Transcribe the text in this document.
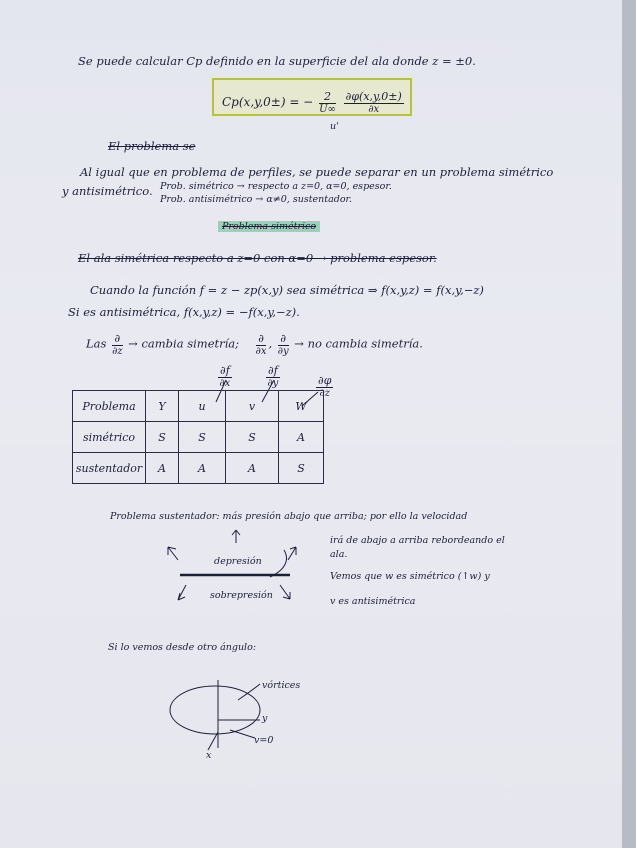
Se puede calcular Cp definido en la superficie del ala donde z = ±0.
Cp(x,y,0±) = − $\frac{2}{U\infty}$
$\frac{\partial\varphi(x,y,0\pm)}{\partial x}$
u'
El problema se
Al igual que en problema de perfiles, se puede separar en un problema simétrico
y antisimétrico. Prob. simétrico → respecto a z=0, α=0, espesor.
Prob. antisimétrico → α≠0, sustentador.
Problema simétrico
El ala simétrica respecto a z=0 con α=0 → problema espesor.
Cuando la función f = z − zp(x,y) sea simétrica ⇒ f(x,y,z) = f(x,y,−z)
Si es antisimétrica, f(x,y,z) = −f(x,y,−z).
Las $\frac{\partial}{\partial z}$ → cambia simetría; $\frac{\partial}{\partial x}$ , $\frac{\partial}{\partial y}$ → no cambia simetría.
$\frac{\partial f}{\partial x}$	$\frac{\partial f}{\partial y}$	$\frac{\partial\varphi}{\partial z}$
Problema	Y	u	v	W
simétrico	S	S	S	A
sustentador	A	A	A	S
Problema sustentador: más presión abajo que arriba; por ello la velocidad
irá de abajo a arriba rebordeando el
ala.
Vemos que w es simétrico (↑w) y
v es antisimétrica
depresión
sobrepresión
Si lo vemos desde otro ángulo:
vórtices
y
v=0
x
